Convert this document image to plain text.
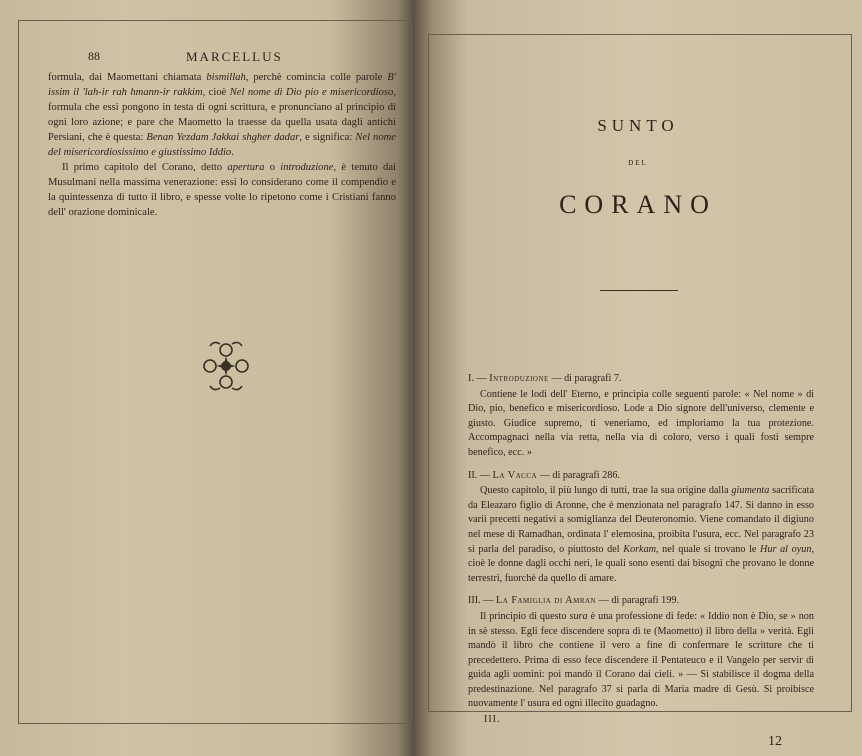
88	MARCELLUS

formula, dai Maomettani chiamata bismillah, perchè comincia colle parole B' issim il 'lah-ir rah hmann-ir rakkim, cioè Nel nome di Dio pio e misericordioso, formula che essi pongono in testa di ogni scrittura, e pronunciano al principio di ogni loro azione; e pare che Maometto la traesse da quella usata dagli antichi Persiani, che è questa: Benan Yezdam Jakkai shgher dadar, e significa: Nel nome del misericordiosissimo e giustissimo Iddio.

Il primo capitolo del Corano, detto apertura o introduzione, è tenuto dai Musulmani nella massima venerazione: essi lo considerano come il compendio e la quintessenza di tutto il libro, e spesse volte lo ripetono come i Cristiani fanno dell' orazione dominicale.

SUNTO
DEL
CORANO

I. — Introduzione — di paragrafi 7.

Contiene le lodi dell' Eterno, e principia colle seguenti parole: « Nel nome » di Dio, pio, benefico e misericordioso. Lode a Dio signore dell'universo, clemente e giusto. Giudice supremo, ti veneriamo, ed imploriamo la tua protezione. Accompagnaci nella via retta, nella via di coloro, verso i quali fosti sempre benefico, ecc. »

II. — La Vacca — di paragrafi 286.

Questo capitolo, il più lungo di tutti, trae la sua origine dalla giumenta sacrificata da Eleazaro figlio di Aronne, che è menzionata nel paragrafo 147. Si danno in esso varii precetti negativi a somiglianza del Deuteronomio. Viene comandato il digiuno nel mese di Ramadhan, ordinata l' elemosina, proibita l'usura, ecc. Nel paragrafo 23 si parla del paradiso, o piuttosto del Korkam, nel quale si trovano le Hur al oyun, cioè le donne dagli occhi neri, le quali sono esenti dai bisogni che provano le donne terrestri, fuorchè da quello di amare.

III. — La Famiglia di Amran — di paragrafi 199.

Il principio di questo sura è una professione di fede: « Iddio non è Dio, se » non in sè stesso. Egli fece discendere sopra di te (Maometto) il libro della » verità. Egli mandò il libro che contiene il vero a fine di confermare le scritture che ti precedettero. Prima di esso fece discendere il Pentateuco e il Vangelo per servir di guida agli uomini: poi mandò il Corano dai cieli. » — Si stabilisce il dogma della predestinazione. Nel paragrafo 37 si parla di Maria madre di Gesù. Si proibisce nuovamente l' usura ed ogni illecito guadagno.

III.
12
